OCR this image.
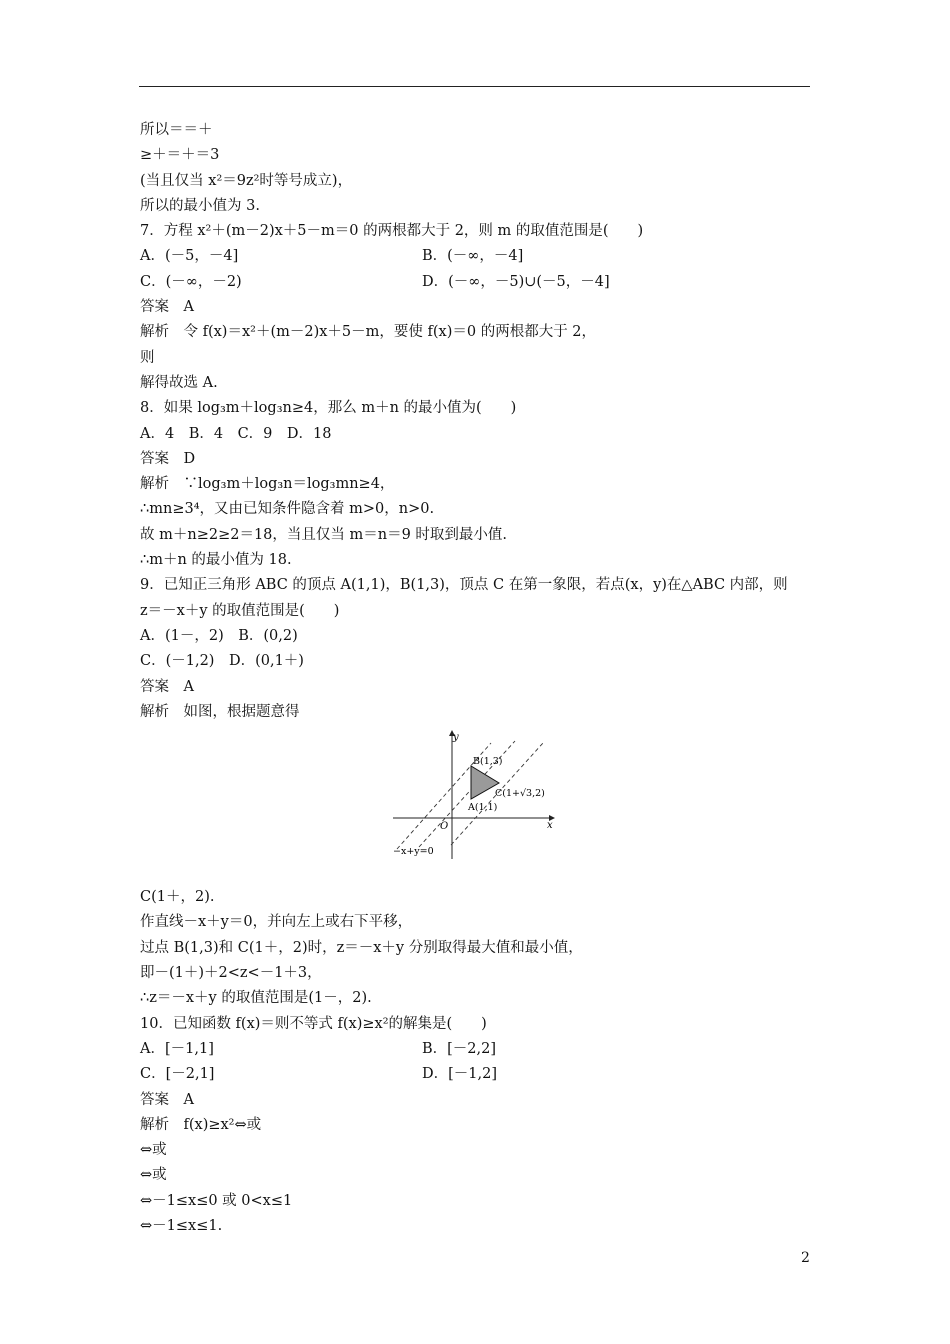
所以＝＝＋
≥＋＝＋＝3
(当且仅当 x²＝9z²时等号成立)，
所以的最小值为 3.
7．方程 x²＋(m－2)x＋5－m＝0 的两根都大于 2，则 m 的取值范围是(　　)
A．(－5，－4]	B．(－∞，－4]
C．(－∞，－2)	D．(－∞，－5)∪(－5，－4]
答案　A
解析　令 f(x)＝x²＋(m－2)x＋5－m，要使 f(x)＝0 的两根都大于 2，
则
解得故选 A.
8．如果 log₃m＋log₃n≥4，那么 m＋n 的最小值为(　　)
A．4　B．4　C．9　D．18
答案　D
解析　∵log₃m＋log₃n＝log₃mn≥4，
∴mn≥3⁴，又由已知条件隐含着 m>0，n>0.
故 m＋n≥2≥2＝18，当且仅当 m＝n＝9 时取到最小值.
∴m＋n 的最小值为 18.
9．已知正三角形 ABC 的顶点 A(1,1)，B(1,3)，顶点 C 在第一象限，若点(x，y)在△ABC 内部，则
z＝－x＋y 的取值范围是(　　)
A．(1－，2)　B．(0,2)
C．(－1,2)　D．(0,1＋)
答案　A
解析　如图，根据题意得
y
x
O
B(1,3)
C(1+√3,2)
A(1,1)
−x+y=0
C(1＋，2).
作直线－x＋y＝0，并向左上或右下平移，
过点 B(1,3)和 C(1＋，2)时，z＝－x＋y 分别取得最大值和最小值，
即－(1＋)＋2<z<－1＋3，
∴z＝－x＋y 的取值范围是(1－，2).
10．已知函数 f(x)＝则不等式 f(x)≥x²的解集是(　　)
A．[－1,1]	B．[－2,2]
C．[－2,1]	D．[－1,2]
答案　A
解析　f(x)≥x²⇔或
⇔或
⇔或
⇔－1≤x≤0 或 0<x≤1
⇔－1≤x≤1.
2
